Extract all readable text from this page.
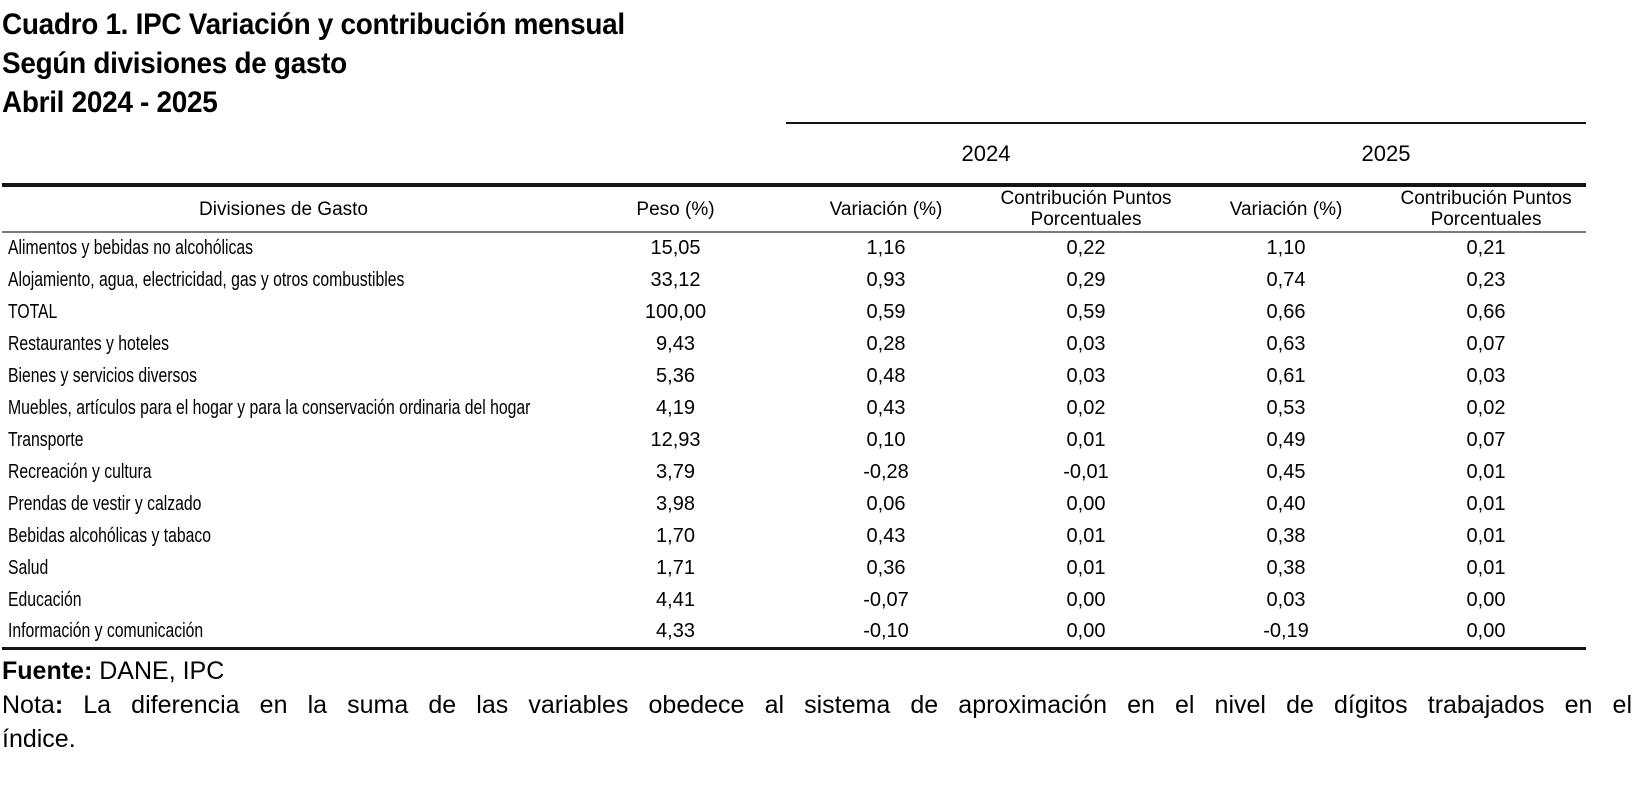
Cuadro 1. IPC Variación y contribución mensual
Según divisiones de gasto
Abril 2024 - 2025
		2024		2025	
Divisiones de Gasto	Peso (%)	Variación (%)	Contribución Puntos Porcentuales	Variación (%)	Contribución Puntos Porcentuales
Alimentos y bebidas no alcohólicas	15,05	1,16	0,22	1,10	0,21
Alojamiento, agua, electricidad, gas y otros combustibles	33,12	0,93	0,29	0,74	0,23
TOTAL	100,00	0,59	0,59	0,66	0,66
Restaurantes y hoteles	9,43	0,28	0,03	0,63	0,07
Bienes y servicios diversos	5,36	0,48	0,03	0,61	0,03
Muebles, artículos para el hogar y para la conservación ordinaria del hogar	4,19	0,43	0,02	0,53	0,02
Transporte	12,93	0,10	0,01	0,49	0,07
Recreación y cultura	3,79	-0,28	-0,01	0,45	0,01
Prendas de vestir y calzado	3,98	0,06	0,00	0,40	0,01
Bebidas alcohólicas y tabaco	1,70	0,43	0,01	0,38	0,01
Salud	1,71	0,36	0,01	0,38	0,01
Educación	4,41	-0,07	0,00	0,03	0,00
Información y comunicación	4,33	-0,10	0,00	-0,19	0,00
Fuente: DANE, IPC
Nota: La diferencia en la suma de las variables obedece al sistema de aproximación en el nivel de dígitos trabajados en el
índice.
